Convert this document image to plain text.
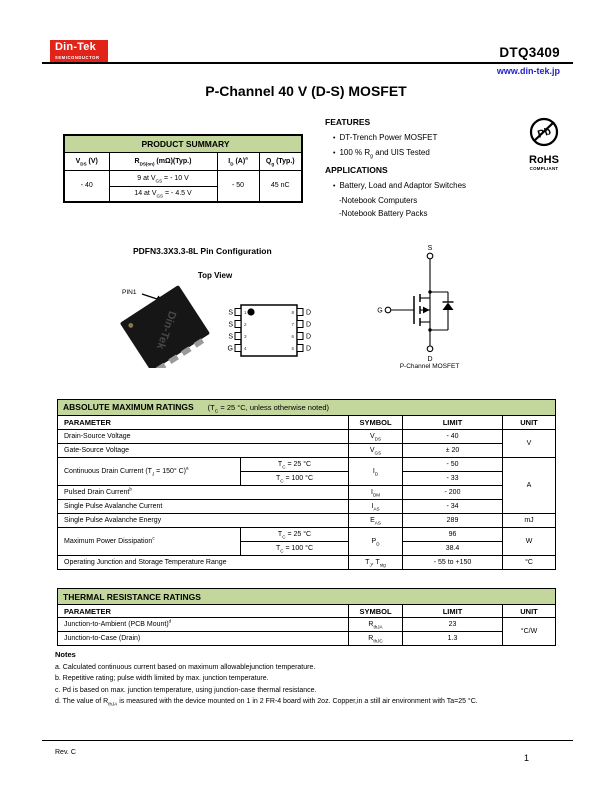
Din-Tek
SEMICONDUCTOR	DTQ3409
www.din-tek.jp
P-Channel 40 V (D-S) MOSFET
PRODUCT SUMMARY			
$V_{DS}$ (V)	$R_{DS(on)}$ (mΩ)(Typ.)	$I_D$ $(A)^a$	$Q_g$ (Typ.)
- 40	9 at $V_{GS}$ = - 10 V	- 50	45 nC
	14 at $V_{GS}$ = - 4.5 V		
FEATURES
• DT-Trench Power MOSFET
• 100 % $R_g$ and UIS Tested
APPLICATIONS
• Battery, Load and Adaptor Switches
-Notebook Computers
-Notebook Battery Packs
Pb
RoHS
COMPLIANT
PDFN3.3X3.3-8L Pin Configuration
Top View
PIN1
Din-Tek	S
S
S
G
1
2
3
4
8
7
6
5
D
D
D
D
S
G
D
P-Channel MOSFET
ABSOLUTE MAXIMUM RATINGS ($T_C = 25$ °C, unless otherwise noted)				
PARAMETER		SYMBOL	LIMIT	UNIT
Drain-Source Voltage		$V_{DS}$	- 40	V
Gate-Source Voltage		$V_{GS}$	± 20	
Continuous Drain Current ($T_J = 150^\circ$ C)$^a$	$T_C = 25$ °C	$I_D$	- 50	A
	$T_C = 100$ °C		- 33	
Pulsed Drain Current$^b$		$I_{DM}$	- 200	
Single Pulse Avalanche Current		$I_{AS}$	- 34	
Single Pulse Avalanche Energy		$E_{AS}$	289	mJ
Maximum Power Dissipation$^c$	$T_C = 25$ °C	$P_D$	96	W
	$T_C = 100$ °C		38.4	
Operating Junction and Storage Temperature Range		$T_J$, $T_{stg}$	- 55 to +150	°C
THERMAL RESISTANCE RATINGS			
PARAMETER	SYMBOL	LIMIT	UNIT
Junction-to-Ambient (PCB Mount)$^d$	$R_{thJA}$	23	°C/W
Junction-to-Case (Drain)	$R_{thJC}$	1.3	
Notes
a. Calculated continuous current based on maximum allowablejunction temperature.
b. Repetitive rating; pulse width limited by max. junction temperature.
c. Pd is based on max. junction temperature, using junction-case thermal resistance.
d. The value of $R_{thJA}$ is measured with the device mounted on 1 in 2 FR-4 board with 2oz. Copper,in a still air environment with Ta=25 °C.
Rev. C
1
